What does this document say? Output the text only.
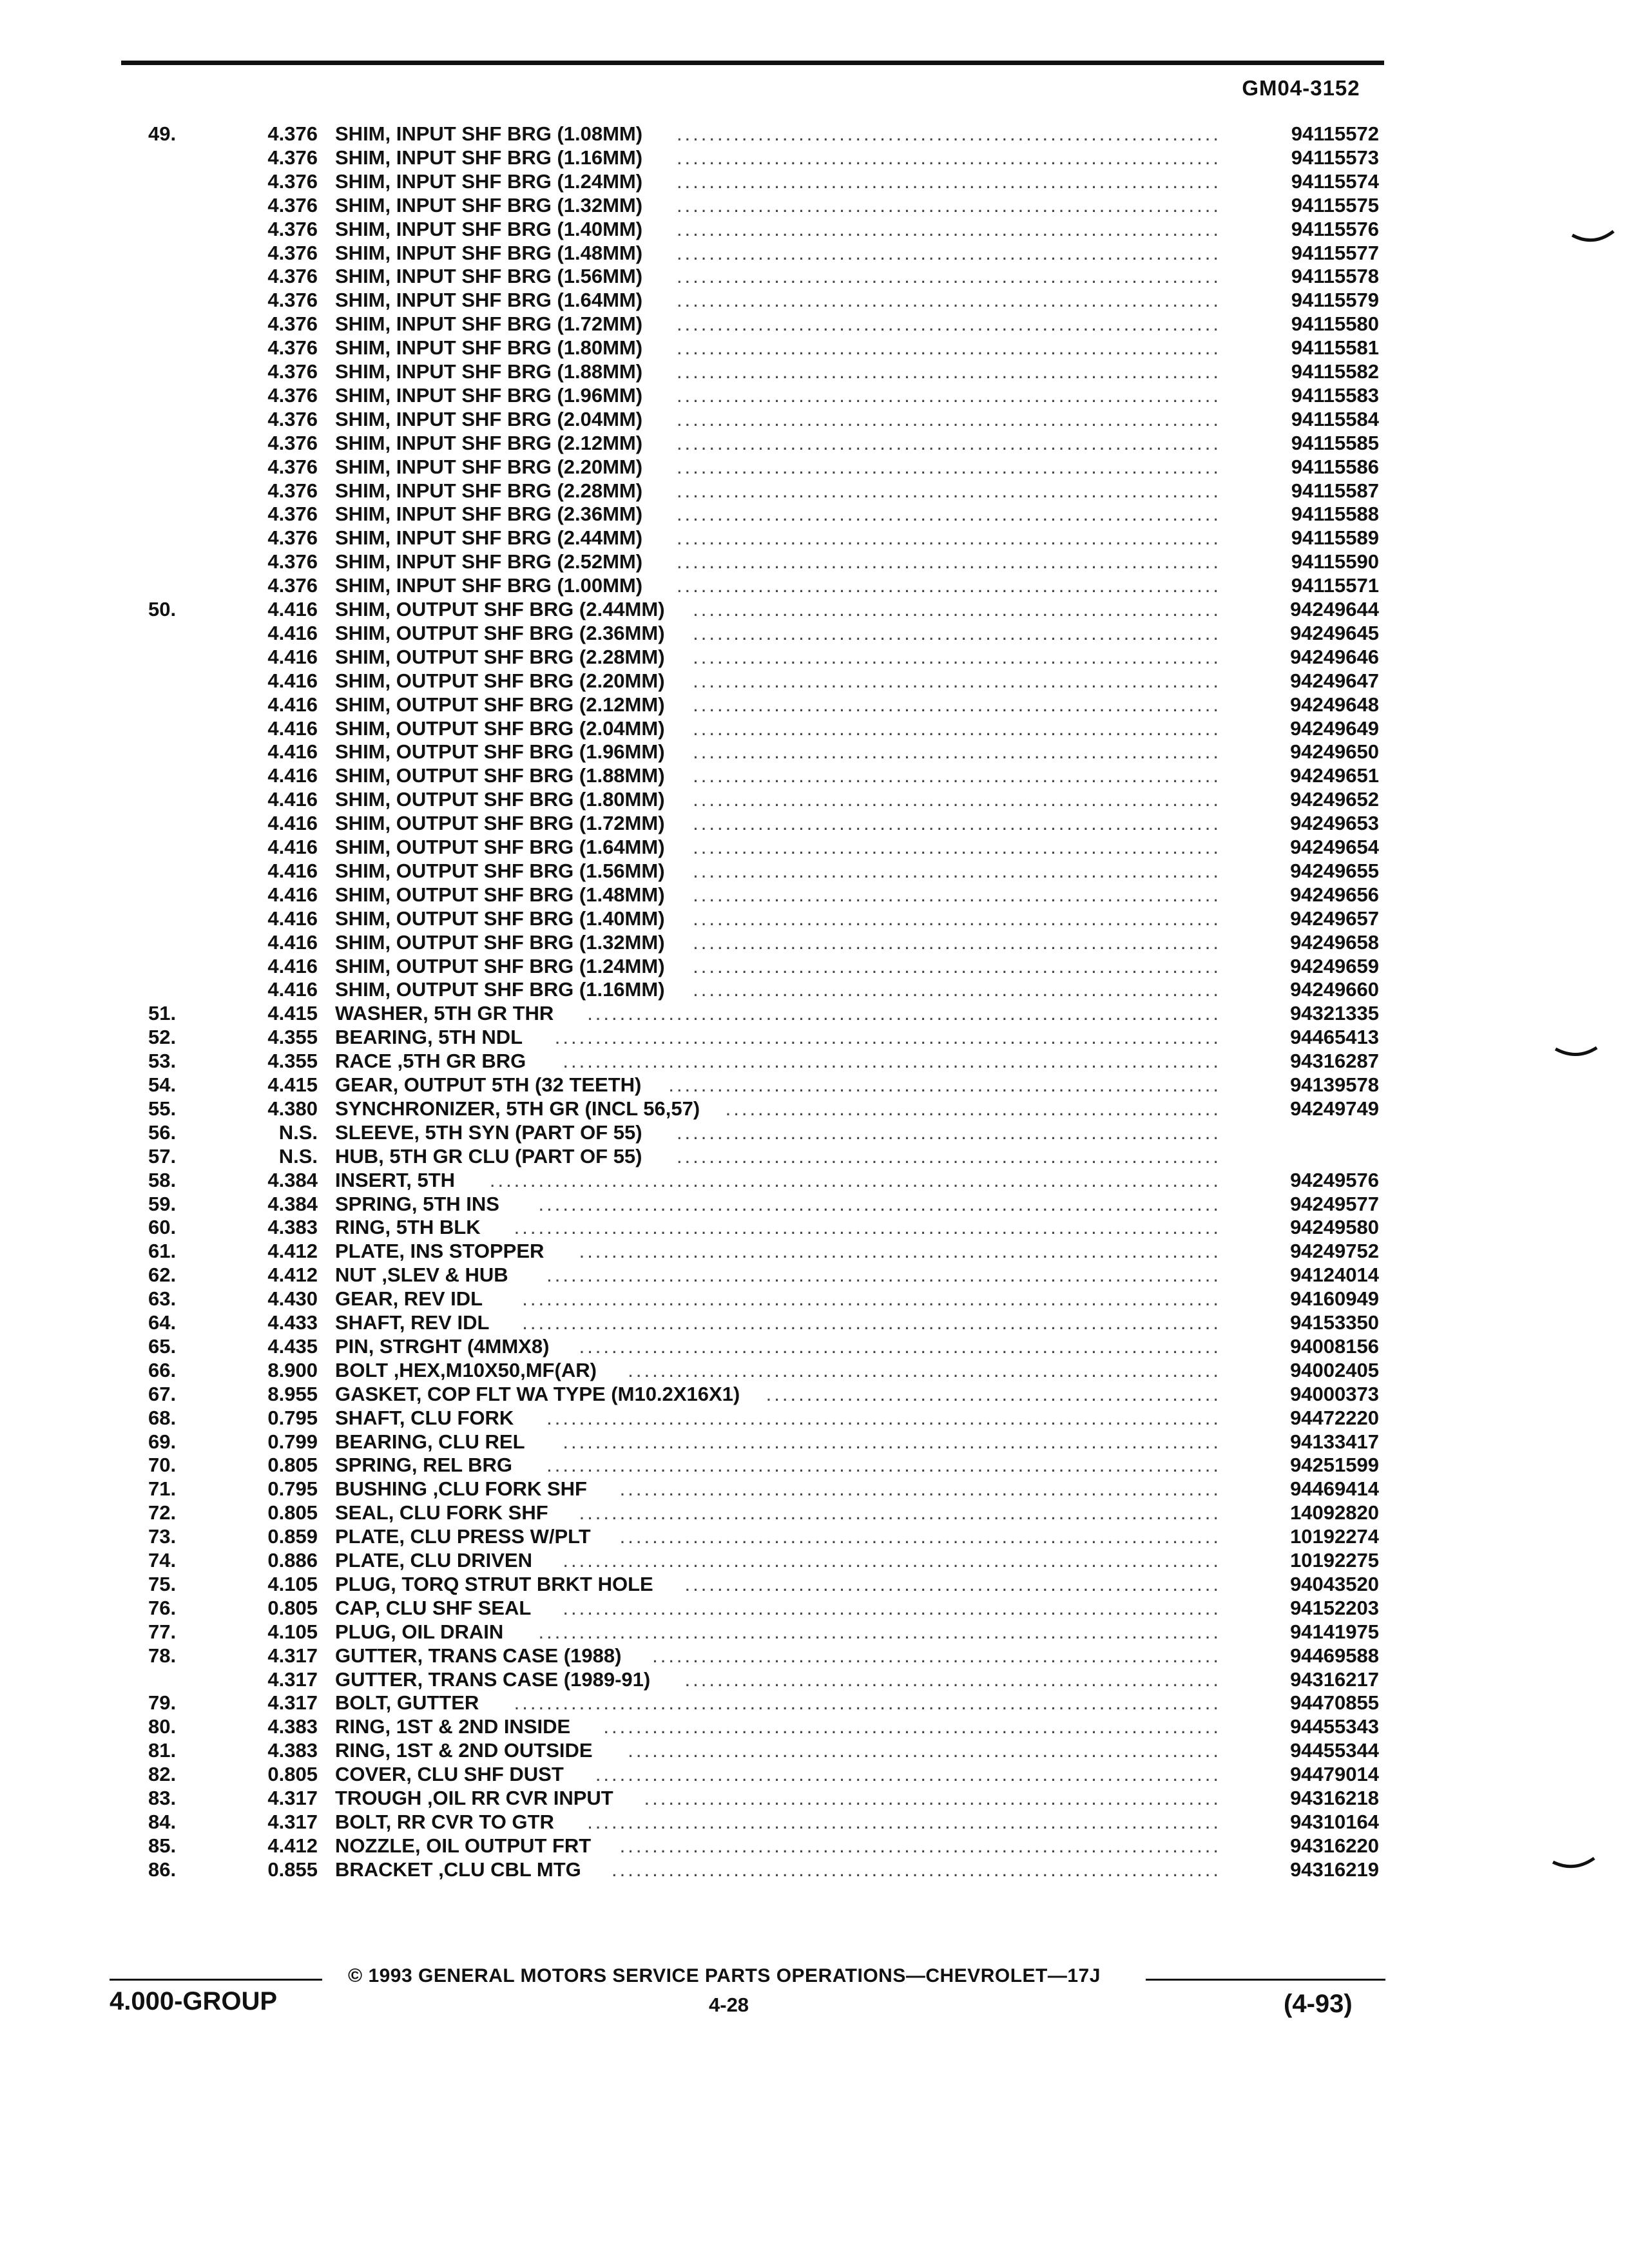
GM04-3152
49.	4.376 SHIM, INPUT SHF BRG (1.08MM)	...................................................................	94115572
4.376 SHIM, INPUT SHF BRG (1.16MM)	...................................................................	94115573
4.376 SHIM, INPUT SHF BRG (1.24MM)	...................................................................	94115574
4.376 SHIM, INPUT SHF BRG (1.32MM)	...................................................................	94115575
4.376 SHIM, INPUT SHF BRG (1.40MM)	...................................................................	94115576
4.376 SHIM, INPUT SHF BRG (1.48MM)	...................................................................	94115577
4.376 SHIM, INPUT SHF BRG (1.56MM)	...................................................................	94115578
4.376 SHIM, INPUT SHF BRG (1.64MM)	...................................................................	94115579
4.376 SHIM, INPUT SHF BRG (1.72MM)	...................................................................	94115580
4.376 SHIM, INPUT SHF BRG (1.80MM)	...................................................................	94115581
4.376 SHIM, INPUT SHF BRG (1.88MM)	...................................................................	94115582
4.376 SHIM, INPUT SHF BRG (1.96MM)	...................................................................	94115583
4.376 SHIM, INPUT SHF BRG (2.04MM)	...................................................................	94115584
4.376 SHIM, INPUT SHF BRG (2.12MM)	...................................................................	94115585
4.376 SHIM, INPUT SHF BRG (2.20MM)	...................................................................	94115586
4.376 SHIM, INPUT SHF BRG (2.28MM)	...................................................................	94115587
4.376 SHIM, INPUT SHF BRG (2.36MM)	...................................................................	94115588
4.376 SHIM, INPUT SHF BRG (2.44MM)	...................................................................	94115589
4.376 SHIM, INPUT SHF BRG (2.52MM)	...................................................................	94115590
4.376 SHIM, INPUT SHF BRG (1.00MM)	...................................................................	94115571
50.	4.416 SHIM, OUTPUT SHF BRG (2.44MM)	.................................................................	94249644
4.416 SHIM, OUTPUT SHF BRG (2.36MM)	.................................................................	94249645
4.416 SHIM, OUTPUT SHF BRG (2.28MM)	.................................................................	94249646
4.416 SHIM, OUTPUT SHF BRG (2.20MM)	.................................................................	94249647
4.416 SHIM, OUTPUT SHF BRG (2.12MM)	.................................................................	94249648
4.416 SHIM, OUTPUT SHF BRG (2.04MM)	.................................................................	94249649
4.416 SHIM, OUTPUT SHF BRG (1.96MM)	.................................................................	94249650
4.416 SHIM, OUTPUT SHF BRG (1.88MM)	.................................................................	94249651
4.416 SHIM, OUTPUT SHF BRG (1.80MM)	.................................................................	94249652
4.416 SHIM, OUTPUT SHF BRG (1.72MM)	.................................................................	94249653
4.416 SHIM, OUTPUT SHF BRG (1.64MM)	.................................................................	94249654
4.416 SHIM, OUTPUT SHF BRG (1.56MM)	.................................................................	94249655
4.416 SHIM, OUTPUT SHF BRG (1.48MM)	.................................................................	94249656
4.416 SHIM, OUTPUT SHF BRG (1.40MM)	.................................................................	94249657
4.416 SHIM, OUTPUT SHF BRG (1.32MM)	.................................................................	94249658
4.416 SHIM, OUTPUT SHF BRG (1.24MM)	.................................................................	94249659
4.416 SHIM, OUTPUT SHF BRG (1.16MM)	.................................................................	94249660
51.	4.415 WASHER, 5TH GR THR	..............................................................................	94321335
52.	4.355 BEARING, 5TH NDL	..................................................................................	94465413
53.	4.355 RACE ,5TH GR BRG	.................................................................................	94316287
54.	4.415 GEAR, OUTPUT 5TH (32 TEETH)	....................................................................	94139578
55.	4.380 SYNCHRONIZER, 5TH GR (INCL 56,57)	.............................................................	94249749
56.	N.S. SLEEVE, 5TH SYN (PART OF 55)	...................................................................
57.	N.S. HUB, 5TH GR CLU (PART OF 55)	...................................................................
58.	4.384 INSERT, 5TH	..........................................................................................	94249576
59.	4.384 SPRING, 5TH INS	....................................................................................	94249577
60.	4.383 RING, 5TH BLK	.......................................................................................	94249580
61.	4.412 PLATE, INS STOPPER	...............................................................................	94249752
62.	4.412 NUT ,SLEV & HUB	...................................................................................	94124014
63.	4.430 GEAR, REV IDL	......................................................................................	94160949
64.	4.433 SHAFT, REV IDL	......................................................................................	94153350
65.	4.435 PIN, STRGHT (4MMX8)	...............................................................................	94008156
66.	8.900 BOLT ,HEX,M10X50,MF(AR)	.........................................................................	94002405
67.	8.955 GASKET, COP FLT WA TYPE (M10.2X16X1)	........................................................	94000373
68.	0.795 SHAFT, CLU FORK	...................................................................................	94472220
69.	0.799 BEARING, CLU REL	.................................................................................	94133417
70.	0.805 SPRING, REL BRG	...................................................................................	94251599
71.	0.795 BUSHING ,CLU FORK SHF	..........................................................................	94469414
72.	0.805 SEAL, CLU FORK SHF	...............................................................................	14092820
73.	0.859 PLATE, CLU PRESS W/PLT	..........................................................................	10192274
74.	0.886 PLATE, CLU DRIVEN	.................................................................................	10192275
75.	4.105 PLUG, TORQ STRUT BRKT HOLE	..................................................................	94043520
76.	0.805 CAP, CLU SHF SEAL	.................................................................................	94152203
77.	4.105 PLUG, OIL DRAIN	....................................................................................	94141975
78.	4.317 GUTTER, TRANS CASE (1988)	......................................................................	94469588
4.317 GUTTER, TRANS CASE (1989-91)	..................................................................	94316217
79.	4.317 BOLT, GUTTER	.......................................................................................	94470855
80.	4.383 RING, 1ST & 2ND INSIDE	............................................................................	94455343
81.	4.383 RING, 1ST & 2ND OUTSIDE	.........................................................................	94455344
82.	0.805 COVER, CLU SHF DUST	.............................................................................	94479014
83.	4.317 TROUGH ,OIL RR CVR INPUT	.......................................................................	94316218
84.	4.317 BOLT, RR CVR TO GTR	..............................................................................	94310164
85.	4.412 NOZZLE, OIL OUTPUT FRT	..........................................................................	94316220
86.	0.855 BRACKET ,CLU CBL MTG	...........................................................................	94316219
© 1993 GENERAL MOTORS SERVICE PARTS OPERATIONS—CHEVROLET—17J
4.000-GROUP	4-28	(4-93)
